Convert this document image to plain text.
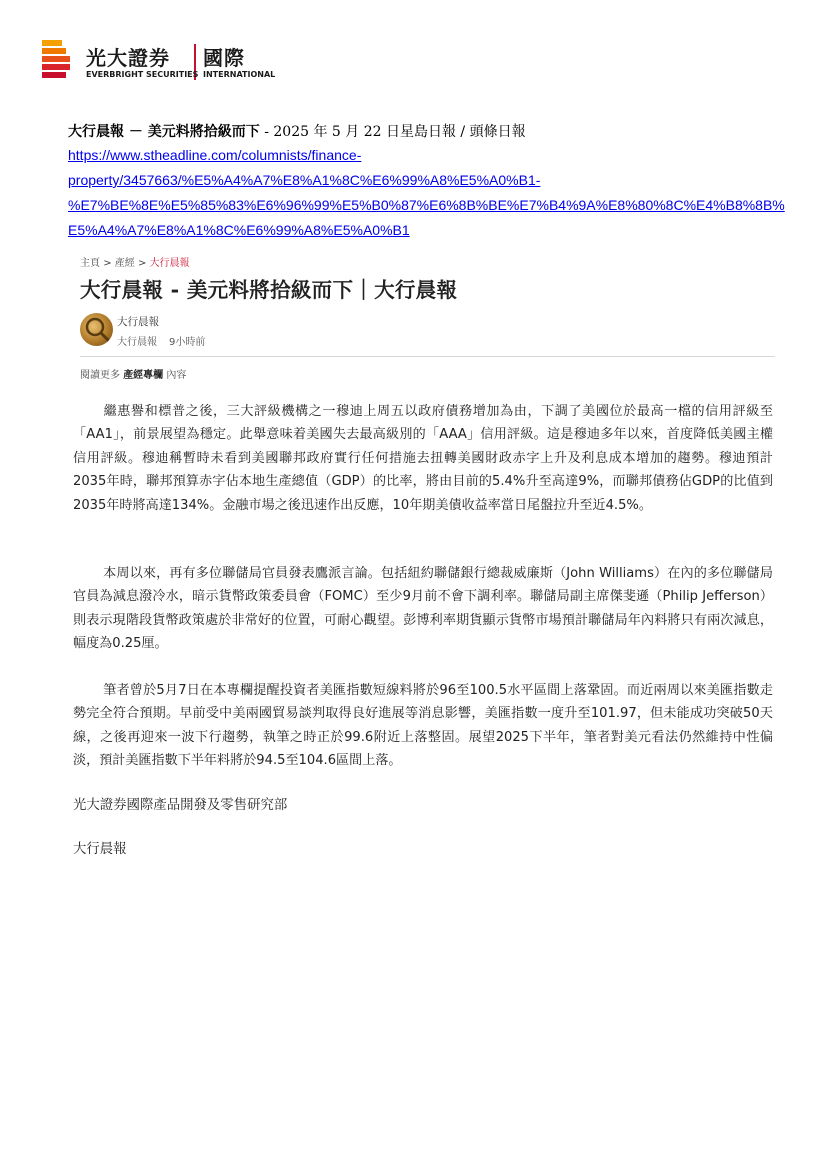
光大證券 國際
EVERBRIGHT SECURITIES INTERNATIONAL
大行晨報 － 美元料將拾級而下 - 2025 年 5 月 22 日星島日報 / 頭條日報
https://www.stheadline.com/columnists/finance-
property/3457663/%E5%A4%A7%E8%A1%8C%E6%99%A8%E5%A0%B1-
%E7%BE%8E%E5%85%83%E6%96%99%E5%B0%87%E6%8B%BE%E7%B4%9A%E8%80%8C%E4%B8%8B%
E5%A4%A7%E8%A1%8C%E6%99%A8%E5%A0%B1
主頁 > 產經 > 大行晨報
大行晨報 - 美元料將拾級而下｜大行晨報
大行晨報
大行晨報 9小時前
閱讀更多 產經專欄 內容
繼惠譽和標普之後，三大評級機構之一穆迪上周五以政府債務增加為由，下調了美國位於最高一檔的信用評級至「AA1」，前景展望為穩定。此舉意味着美國失去最高級別的「AAA」信用評級。這是穆迪多年以來，首度降低美國主權信用評級。穆迪稱暫時未看到美國聯邦政府實行任何措施去扭轉美國財政赤字上升及利息成本增加的趨勢。穆迪預計2035年時，聯邦預算赤字佔本地生產總值（GDP）的比率，將由目前的5.4%升至高達9%，而聯邦債務佔GDP的比值到2035年時將高達134%。金融市場之後迅速作出反應，10年期美債收益率當日尾盤拉升至近4.5%。
本周以來，再有多位聯儲局官員發表鷹派言論。包括紐約聯儲銀行總裁威廉斯（John Williams）在內的多位聯儲局官員為減息潑冷水，暗示貨幣政策委員會（FOMC）至少9月前不會下調利率。聯儲局副主席傑斐遜（Philip Jefferson）則表示現階段貨幣政策處於非常好的位置，可耐心觀望。彭博利率期貨顯示貨幣市場預計聯儲局年內料將只有兩次減息，幅度為0.25厘。
筆者曾於5月7日在本專欄提醒投資者美匯指數短線料將於96至100.5水平區間上落鞏固。而近兩周以來美匯指數走勢完全符合預期。早前受中美兩國貿易談判取得良好進展等消息影響，美匯指數一度升至101.97，但未能成功突破50天線，之後再迎來一波下行趨勢，執筆之時正於99.6附近上落整固。展望2025下半年，筆者對美元看法仍然維持中性偏淡，預計美匯指數下半年料將於94.5至104.6區間上落。
光大證券國際產品開發及零售研究部
大行晨報
